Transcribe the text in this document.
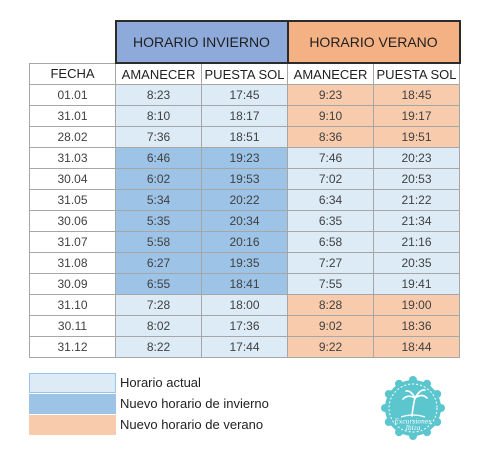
	HORARIO INVIERNO		HORARIO VERANO	
FECHA	AMANECER	PUESTA SOL	AMANECER	PUESTA SOL
01.01	8:23	17:45	9:23	18:45
31.01	8:10	18:17	9:10	19:17
28.02	7:36	18:51	8:36	19:51
31.03	6:46	19:23	7:46	20:23
30.04	6:02	19:53	7:02	20:53
31.05	5:34	20:22	6:34	21:22
30.06	5:35	20:34	6:35	21:34
31.07	5:58	20:16	6:58	21:16
31.08	6:27	19:35	7:27	20:35
30.09	6:55	18:41	7:55	19:41
31.10	7:28	18:00	8:28	19:00
30.11	8:02	17:36	9:02	18:36
31.12	8:22	17:44	9:22	18:44
Horario actual
Nuevo horario de invierno
Nuevo horario de verano	Excursiones
Ibiza
